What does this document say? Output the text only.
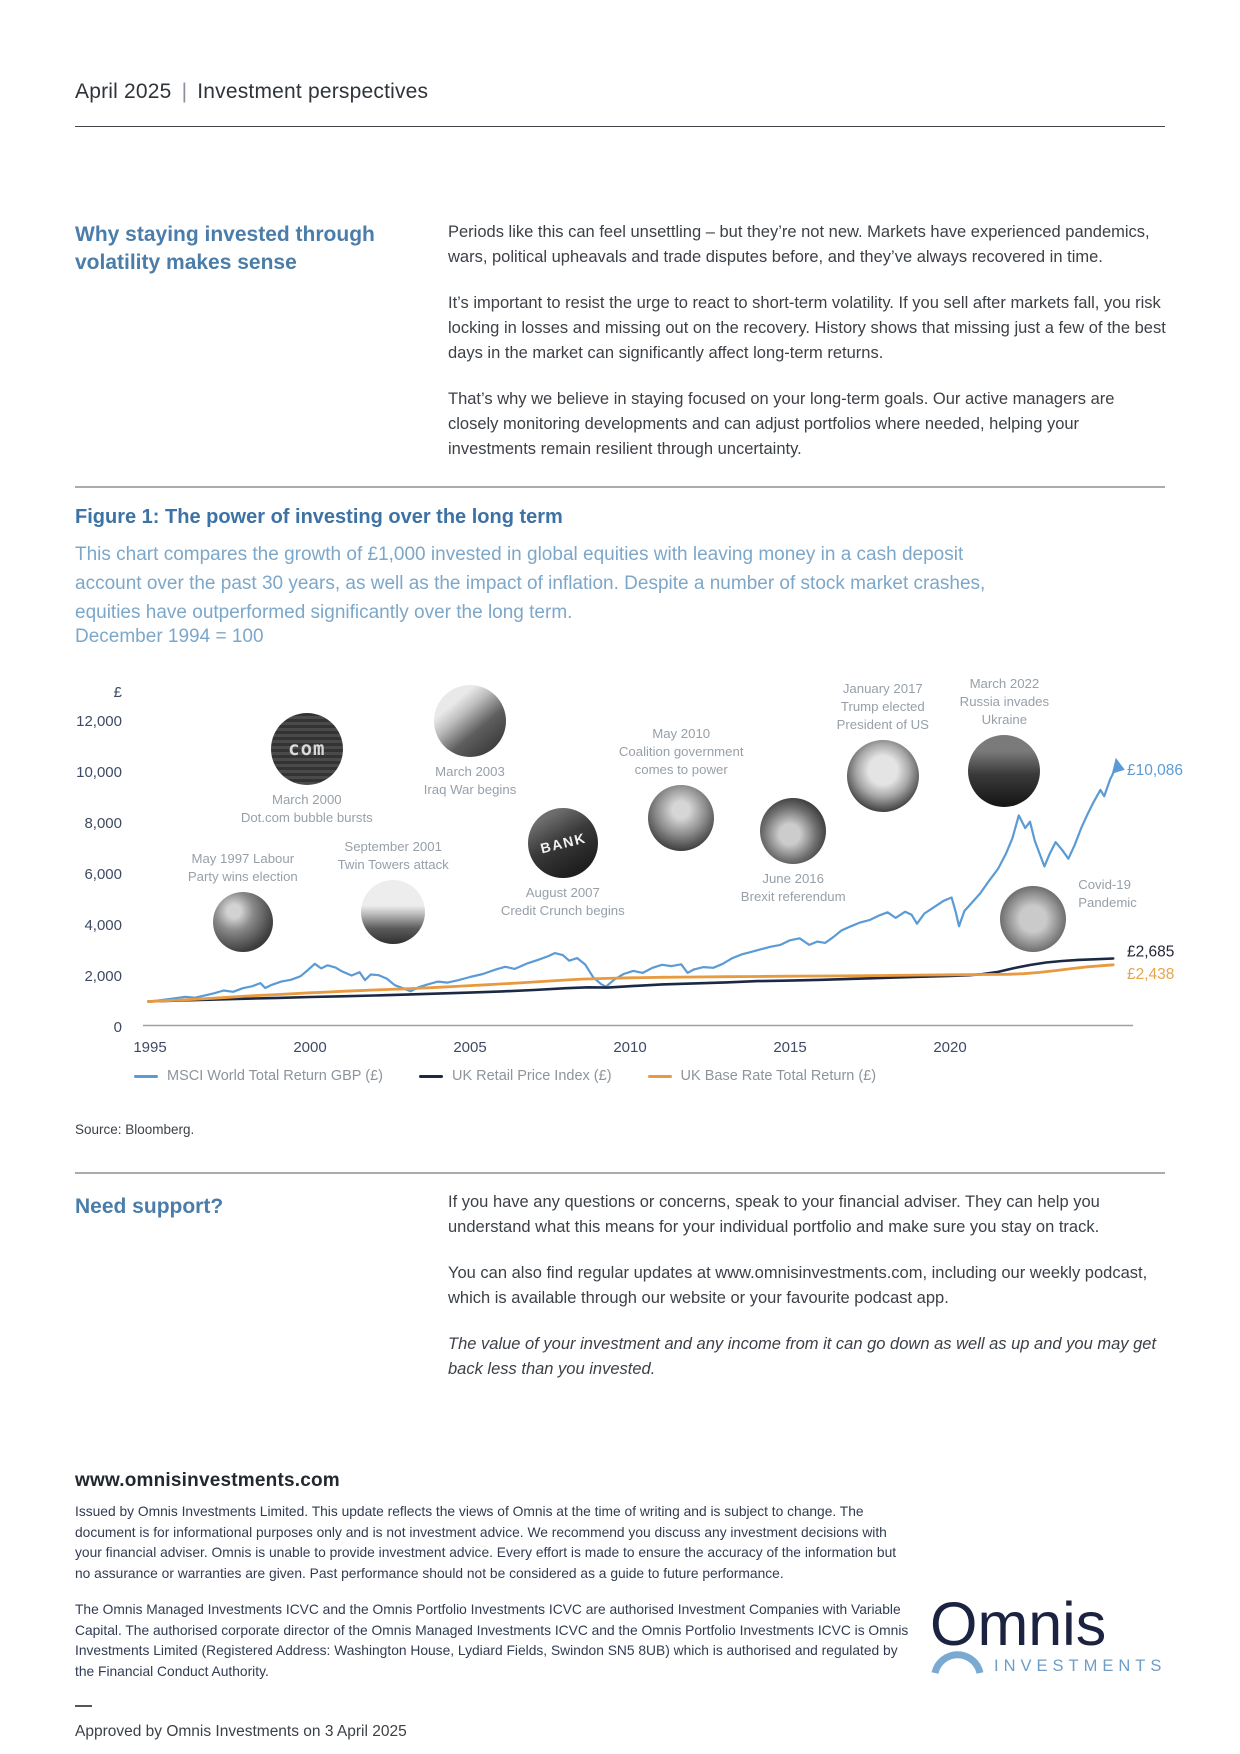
April 2025 | Investment perspectives
Why staying invested through volatility makes sense

Periods like this can feel unsettling – but they’re not new. Markets have experienced pandemics, wars, political upheavals and trade disputes before, and they’ve always recovered in time.

It’s important to resist the urge to react to short-term volatility. If you sell after markets fall, you risk locking in losses and missing out on the recovery. History shows that missing just a few of the best days in the market can significantly affect long-term returns.

That’s why we believe in staying focused on your long-term goals. Our active managers are closely monitoring developments and can adjust portfolios where needed, helping your investments remain resilient through uncertainty.

Figure 1: The power of investing over the long term
This chart compares the growth of £1,000 invested in global equities with leaving money in a cash deposit account over the past 30 years, as well as the impact of inflation. Despite a number of stock market crashes, equities have outperformed significantly over the long term.
December 1994 = 100
0
2,000
4,000
6,000
8,000
10,000
12,000
£
1995	2000	2005	2010	2015	2020
£10,086
£2,685
£2,438
MSCI World Total Return GBP (£)	UK Retail Price Index (£)	UK Base Rate Total Return (£)
May 1997 Labour
Party wins election
com
March 2000
Dot.com bubble bursts
September 2001
Twin Towers attack
March 2003
Iraq War begins
BANK
August 2007
Credit Crunch begins
May 2010
Coalition government
comes to power
June 2016
Brexit referendum
January 2017
Trump elected
President of US
March 2022
Russia invades
Ukraine
Covid-19
Pandemic
Source: Bloomberg.
Need support?	If you have any questions or concerns, speak to your financial adviser. They can help you understand what this means for your individual portfolio and make sure you stay on track.

You can also find regular updates at www.omnisinvestments.com, including our weekly podcast, which is available through our website or your favourite podcast app.

The value of your investment and any income from it can go down as well as up and you may get back less than you invested.

www.omnisinvestments.com

Issued by Omnis Investments Limited. This update reflects the views of Omnis at the time of writing and is subject to change. The document is for informational purposes only and is not investment advice. We recommend you discuss any investment decisions with your financial adviser. Omnis is unable to provide investment advice. Every effort is made to ensure the accuracy of the information but no assurance or warranties are given. Past performance should not be considered as a guide to future performance.

The Omnis Managed Investments ICVC and the Omnis Portfolio Investments ICVC are authorised Investment Companies with Variable Capital. The authorised corporate director of the Omnis Managed Investments ICVC and the Omnis Portfolio Investments ICVC is Omnis Investments Limited (Registered Address: Washington House, Lydiard Fields, Swindon SN5 8UB) which is authorised and regulated by the Financial Conduct Authority.

Omnis
INVESTMENTS
Approved by Omnis Investments on 3 April 2025
